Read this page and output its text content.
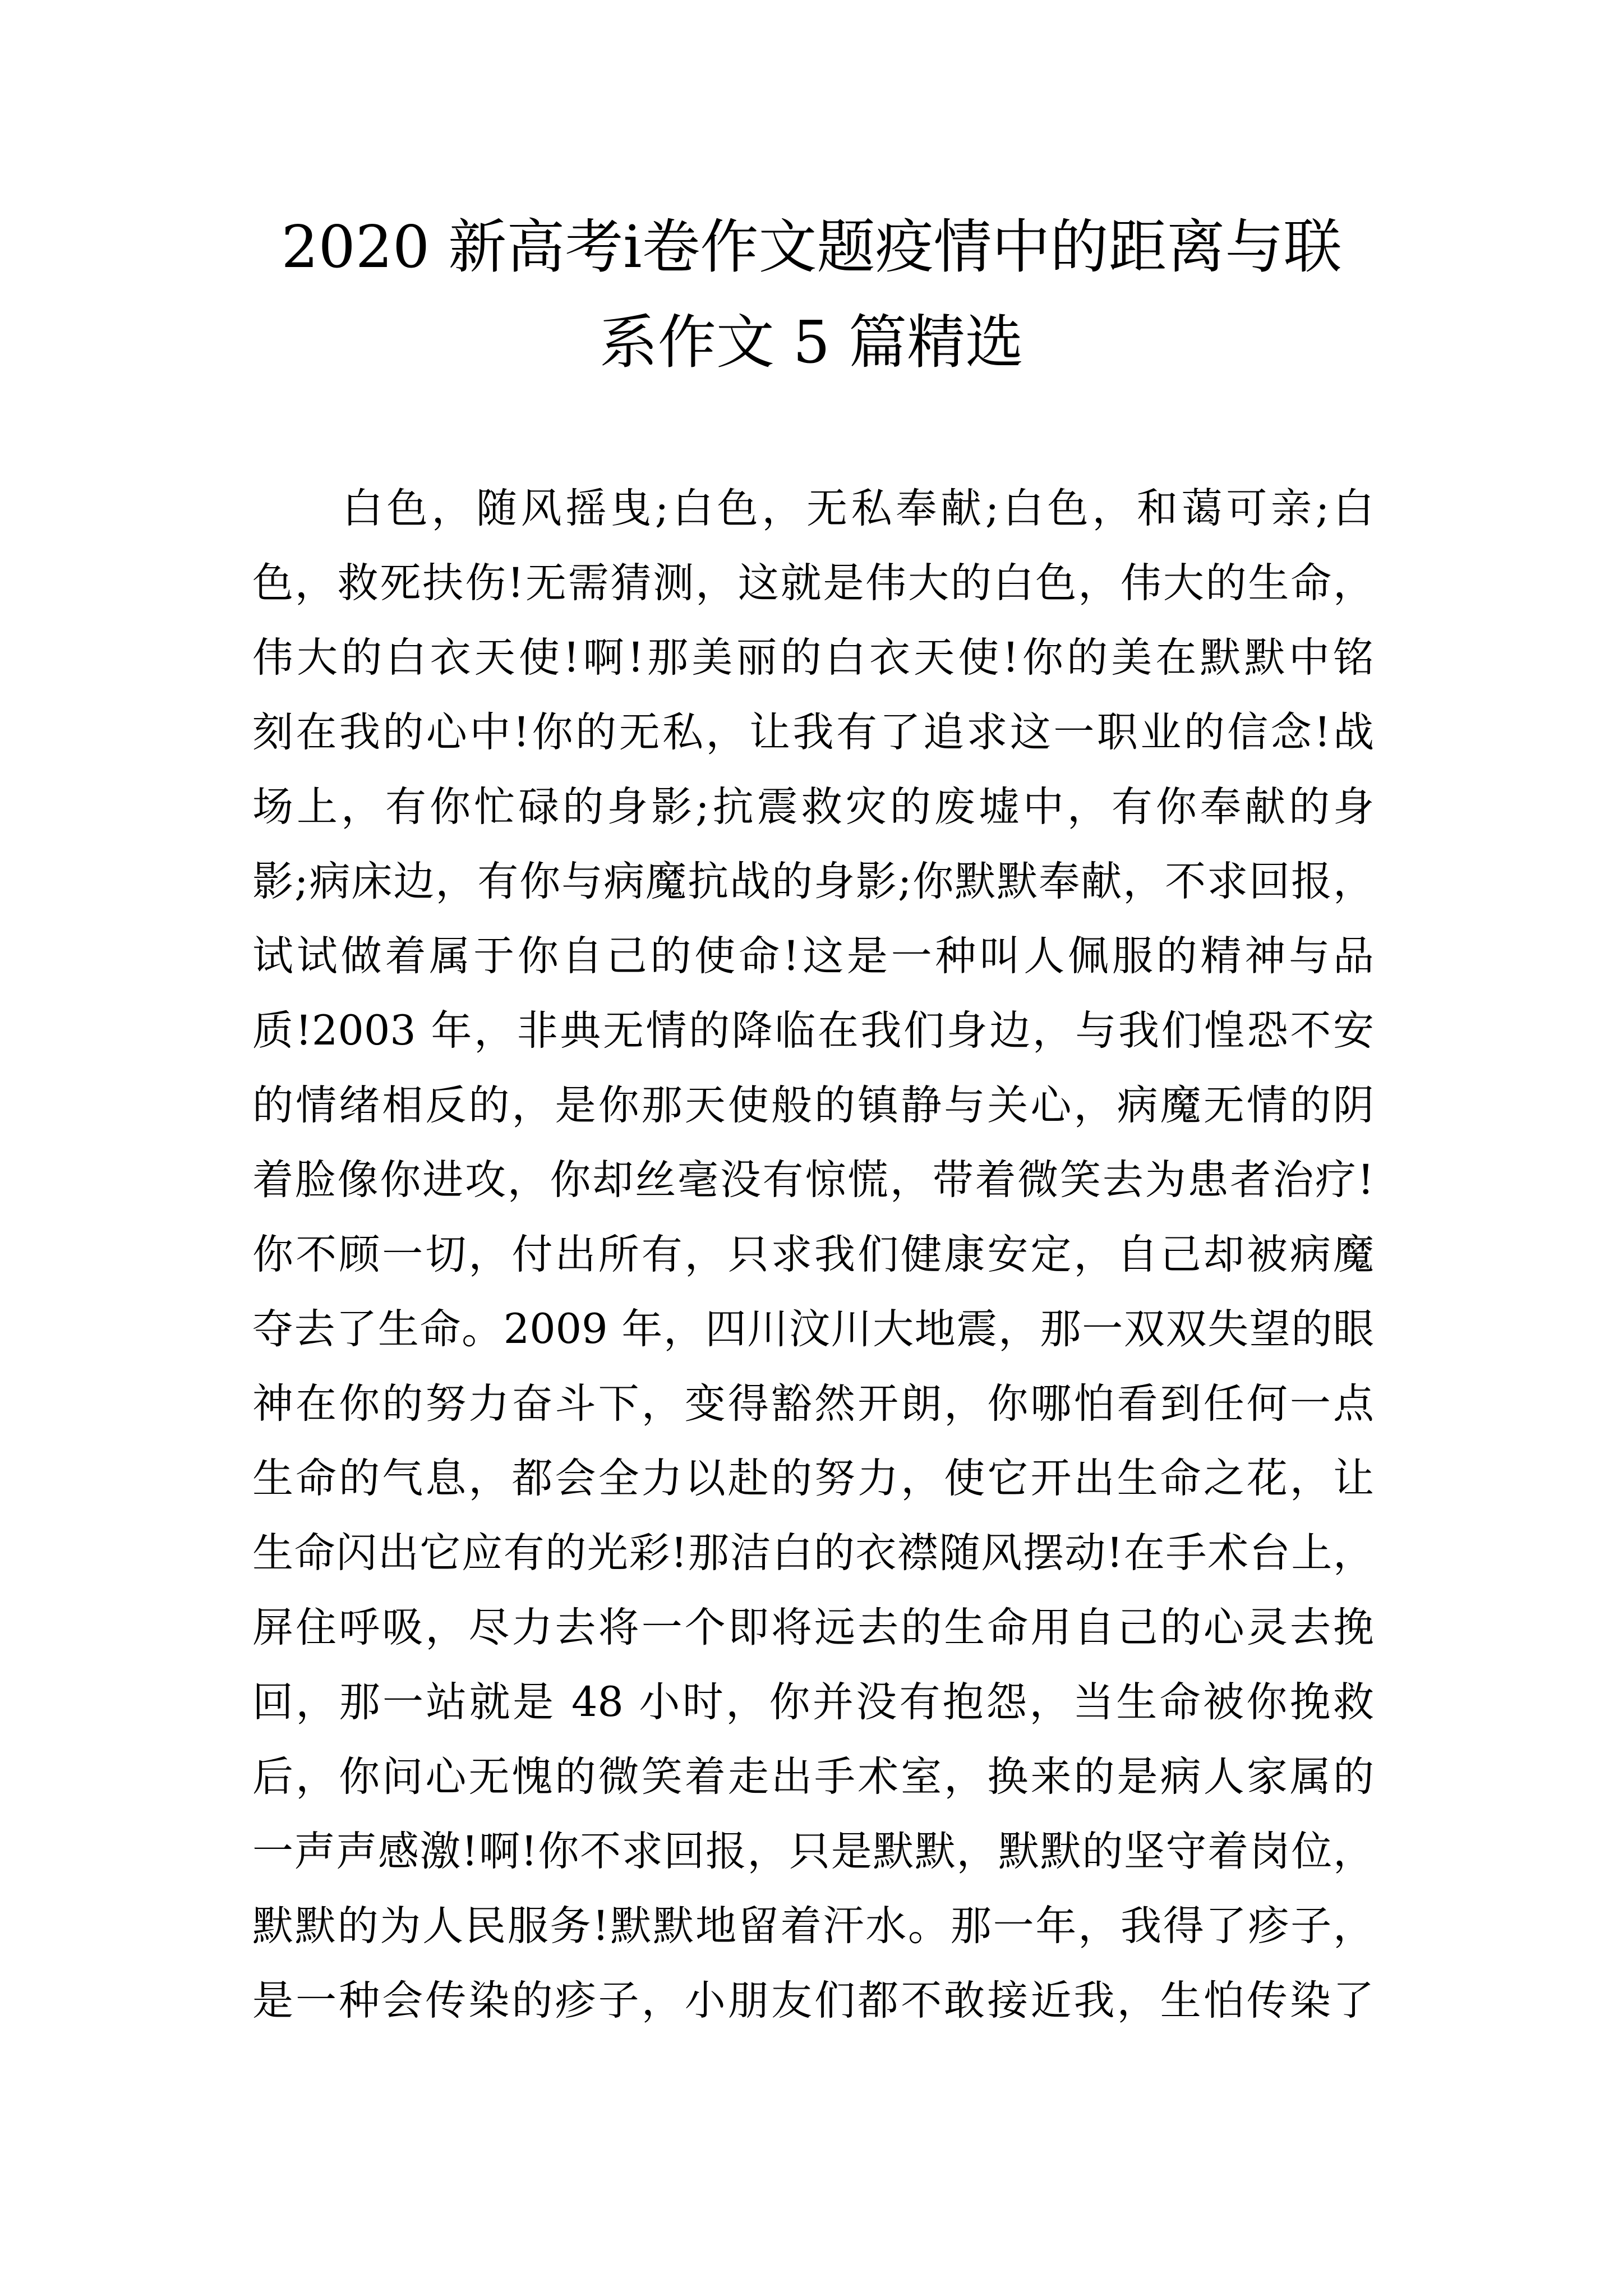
2020 新高考ⅰ卷作文题疫情中的距离与联
系作文 5 篇精选
白色，随风摇曳;白色，无私奉献;白色，和蔼可亲;白
色，救死扶伤!无需猜测，这就是伟大的白色，伟大的生命，
伟大的白衣天使!啊!那美丽的白衣天使!你的美在默默中铭
刻在我的心中!你的无私，让我有了追求这一职业的信念!战
场上，有你忙碌的身影;抗震救灾的废墟中，有你奉献的身
影;病床边，有你与病魔抗战的身影;你默默奉献，不求回报，
试试做着属于你自己的使命!这是一种叫人佩服的精神与品
质!2003 年，非典无情的降临在我们身边，与我们惶恐不安
的情绪相反的，是你那天使般的镇静与关心，病魔无情的阴
着脸像你进攻，你却丝毫没有惊慌，带着微笑去为患者治疗!
你不顾一切，付出所有，只求我们健康安定，自己却被病魔
夺去了生命。2009 年，四川汶川大地震，那一双双失望的眼
神在你的努力奋斗下，变得豁然开朗，你哪怕看到任何一点
生命的气息，都会全力以赴的努力，使它开出生命之花，让
生命闪出它应有的光彩!那洁白的衣襟随风摆动!在手术台上，
屏住呼吸，尽力去将一个即将远去的生命用自己的心灵去挽
回，那一站就是 48 小时，你并没有抱怨，当生命被你挽救
后，你问心无愧的微笑着走出手术室，换来的是病人家属的
一声声感激!啊!你不求回报，只是默默，默默的坚守着岗位，
默默的为人民服务!默默地留着汗水。那一年，我得了疹子，
是一种会传染的疹子，小朋友们都不敢接近我，生怕传染了
